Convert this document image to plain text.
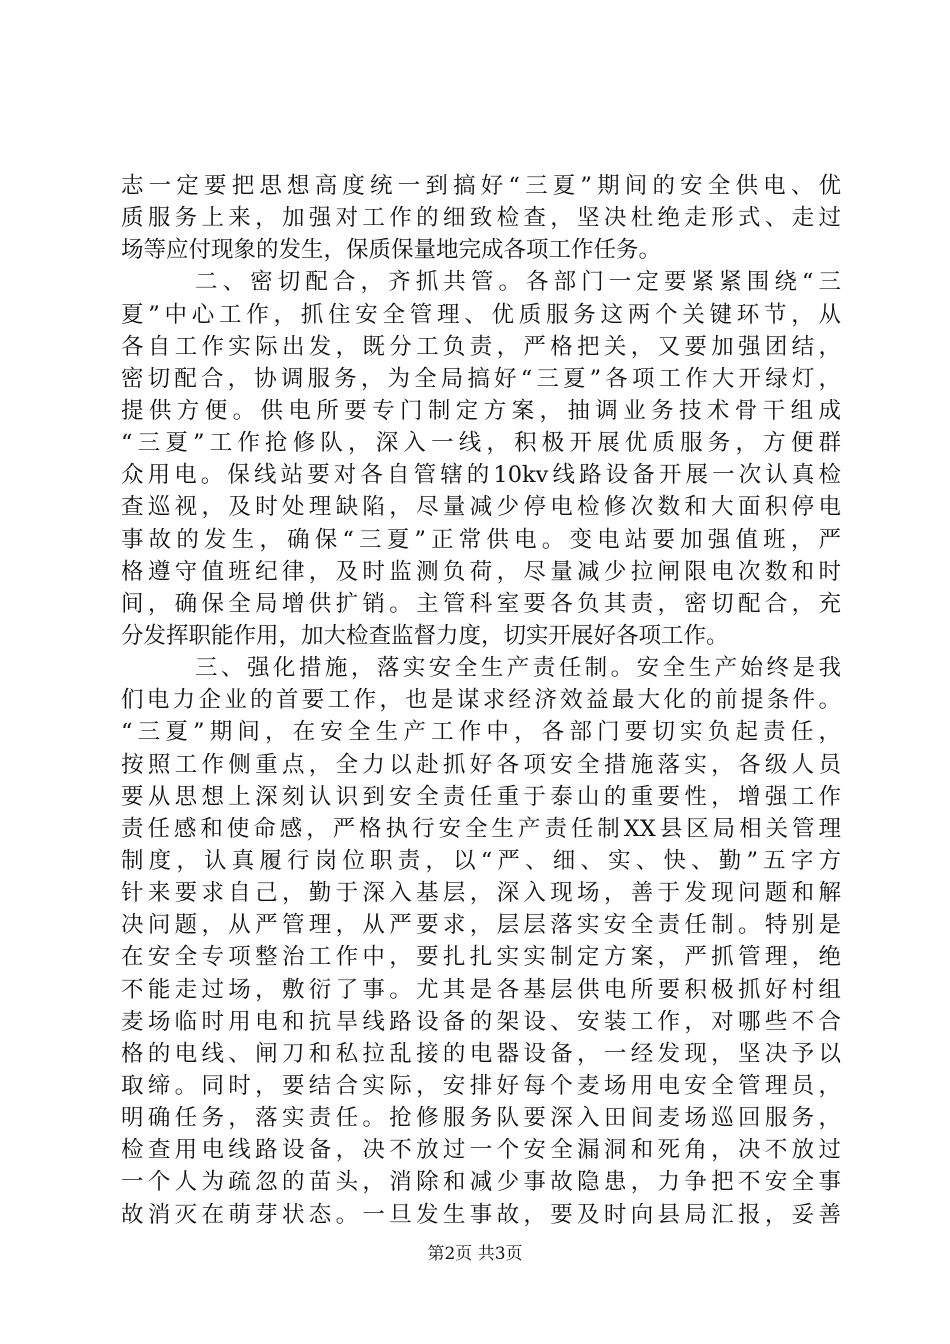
志一定要把思想高度统一到搞好“三夏”期间的安全供电、优
质服务上来，加强对工作的细致检查，坚决杜绝走形式、走过
场等应付现象的发生，保质保量地完成各项工作任务。
二、密切配合，齐抓共管。各部门一定要紧紧围绕“三
夏”中心工作，抓住安全管理、优质服务这两个关键环节，从
各自工作实际出发，既分工负责，严格把关，又要加强团结，
密切配合，协调服务，为全局搞好“三夏”各项工作大开绿灯，
提供方便。供电所要专门制定方案，抽调业务技术骨干组成
“三夏”工作抢修队，深入一线，积极开展优质服务，方便群
众用电。保线站要对各自管辖的10kv线路设备开展一次认真检
查巡视，及时处理缺陷，尽量减少停电检修次数和大面积停电
事故的发生，确保“三夏”正常供电。变电站要加强值班，严
格遵守值班纪律，及时监测负荷，尽量减少拉闸限电次数和时
间，确保全局增供扩销。主管科室要各负其责，密切配合，充
分发挥职能作用，加大检查监督力度，切实开展好各项工作。
三、强化措施，落实安全生产责任制。安全生产始终是我
们电力企业的首要工作，也是谋求经济效益最大化的前提条件。
“三夏”期间，在安全生产工作中，各部门要切实负起责任，
按照工作侧重点，全力以赴抓好各项安全措施落实，各级人员
要从思想上深刻认识到安全责任重于泰山的重要性，增强工作
责任感和使命感，严格执行安全生产责任制XX县区局相关管理
制度，认真履行岗位职责，以“严、细、实、快、勤”五字方
针来要求自己，勤于深入基层，深入现场，善于发现问题和解
决问题，从严管理，从严要求，层层落实安全责任制。特别是
在安全专项整治工作中，要扎扎实实制定方案，严抓管理，绝
不能走过场，敷衍了事。尤其是各基层供电所要积极抓好村组
麦场临时用电和抗旱线路设备的架设、安装工作，对哪些不合
格的电线、闸刀和私拉乱接的电器设备，一经发现，坚决予以
取缔。同时，要结合实际，安排好每个麦场用电安全管理员，
明确任务，落实责任。抢修服务队要深入田间麦场巡回服务，
检查用电线路设备，决不放过一个安全漏洞和死角，决不放过
一个人为疏忽的苗头，消除和减少事故隐患，力争把不安全事
故消灭在萌芽状态。一旦发生事故，要及时向县局汇报，妥善
第2页 共3页
